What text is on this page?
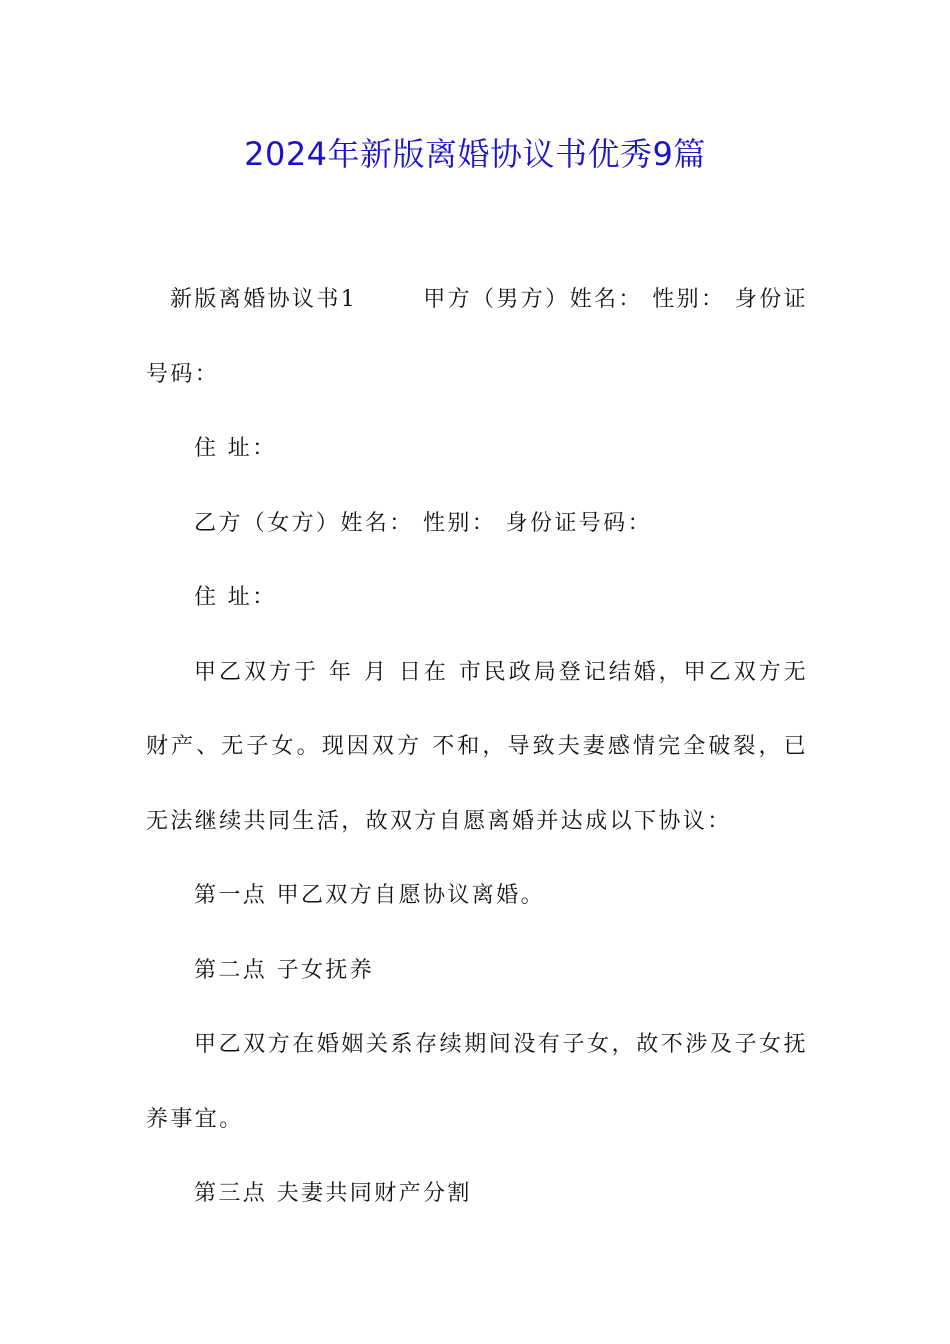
2024年新版离婚协议书优秀9篇

新版离婚协议书1	甲方（男方）姓名： 性别： 身份证号码：

住 址：

乙方（女方）姓名： 性别： 身份证号码：

住 址：

甲乙双方于 年 月 日在 市民政局登记结婚，甲乙双方无财产、无子女。现因双方 不和，导致夫妻感情完全破裂，已无法继续共同生活，故双方自愿离婚并达成以下协议：

第一点 甲乙双方自愿协议离婚。

第二点 子女抚养

甲乙双方在婚姻关系存续期间没有子女，故不涉及子女抚养事宜。

第三点 夫妻共同财产分割
